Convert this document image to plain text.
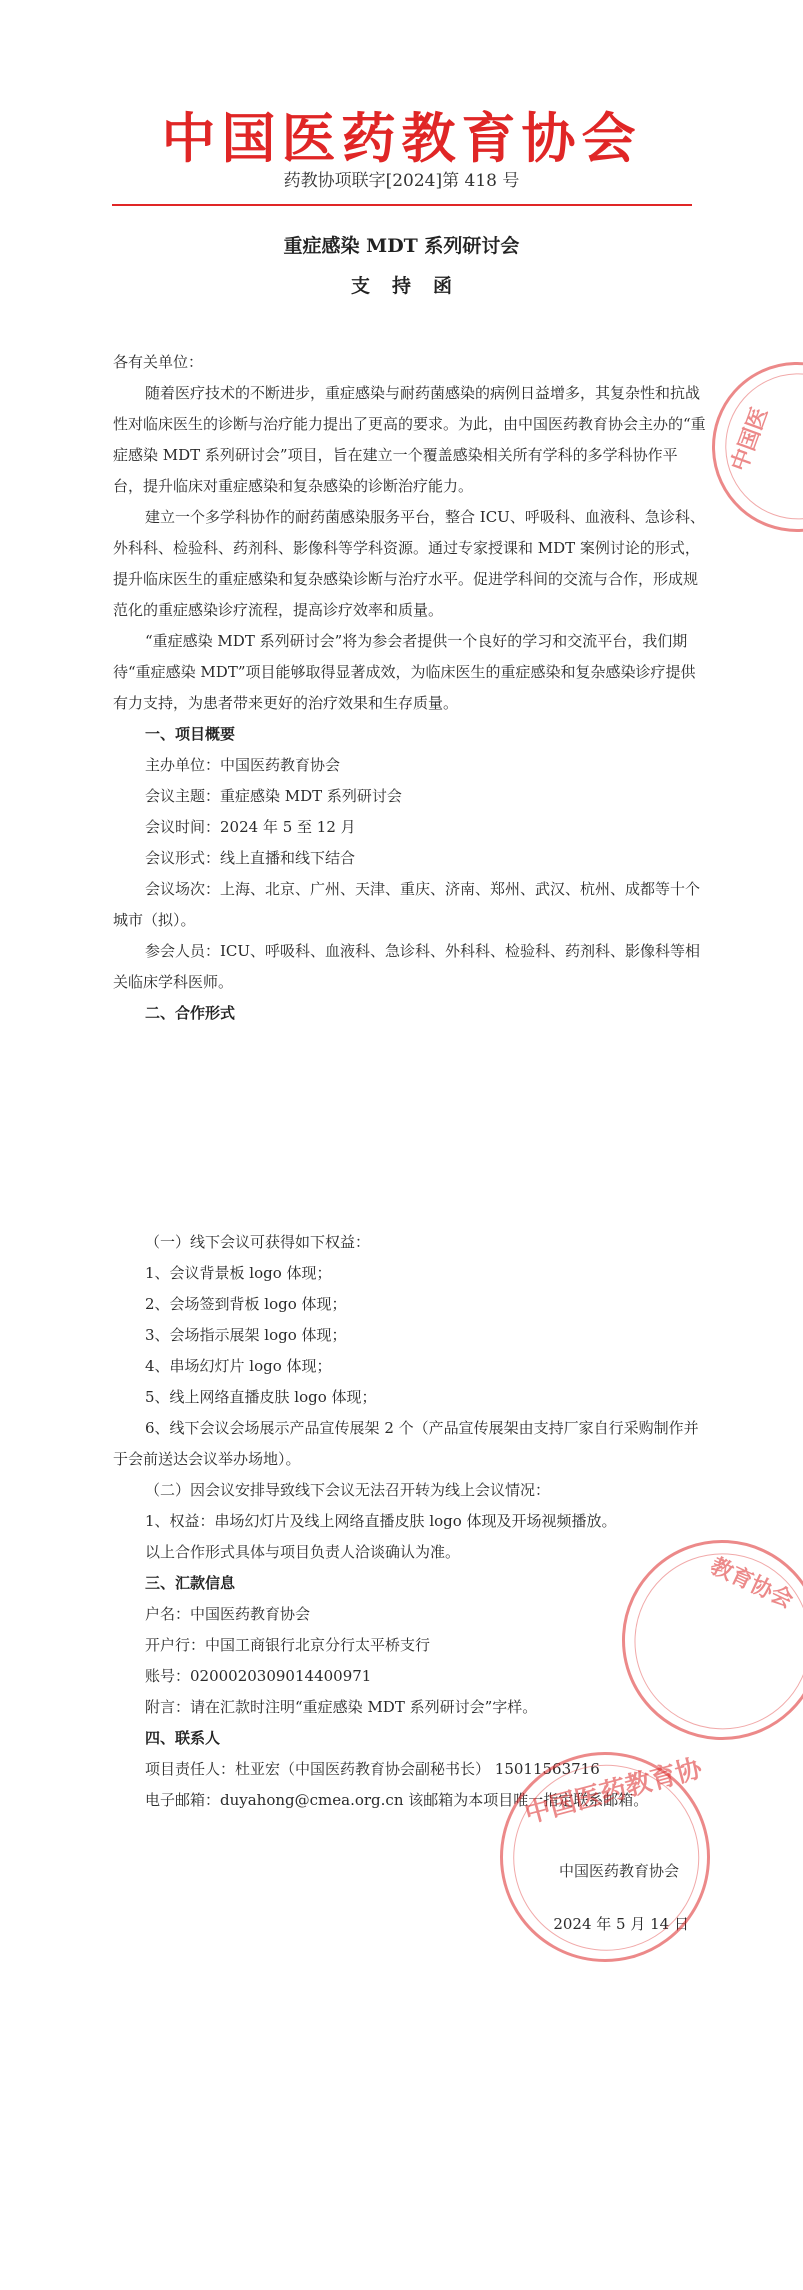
中国医药教育协会
药教协项联字[2024]第 418 号
重症感染 MDT 系列研讨会
支持函

各有关单位：

随着医疗技术的不断进步，重症感染与耐药菌感染的病例日益增多，其复杂性和抗战性对临床医生的诊断与治疗能力提出了更高的要求。为此，由中国医药教育协会主办的“重症感染 MDT 系列研讨会”项目，旨在建立一个覆盖感染相关所有学科的多学科协作平台，提升临床对重症感染和复杂感染的诊断治疗能力。

建立一个多学科协作的耐药菌感染服务平台，整合 ICU、呼吸科、血液科、急诊科、外科科、检验科、药剂科、影像科等学科资源。通过专家授课和 MDT 案例讨论的形式，提升临床医生的重症感染和复杂感染诊断与治疗水平。促进学科间的交流与合作，形成规范化的重症感染诊疗流程，提高诊疗效率和质量。

“重症感染 MDT 系列研讨会”将为参会者提供一个良好的学习和交流平台，我们期待“重症感染 MDT”项目能够取得显著成效，为临床医生的重症感染和复杂感染诊疗提供有力支持，为患者带来更好的治疗效果和生存质量。

一、项目概要

主办单位：中国医药教育协会

会议主题：重症感染 MDT 系列研讨会

会议时间：2024 年 5 至 12 月

会议形式：线上直播和线下结合

会议场次：上海、北京、广州、天津、重庆、济南、郑州、武汉、杭州、成都等十个城市（拟）。

参会人员：ICU、呼吸科、血液科、急诊科、外科科、检验科、药剂科、影像科等相关临床学科医师。

二、合作形式

（一）线下会议可获得如下权益：

1、会议背景板 logo 体现；

2、会场签到背板 logo 体现；

3、会场指示展架 logo 体现；

4、串场幻灯片 logo 体现；

5、线上网络直播皮肤 logo 体现；

6、线下会议会场展示产品宣传展架 2 个（产品宣传展架由支持厂家自行采购制作并于会前送达会议举办场地）。

（二）因会议安排导致线下会议无法召开转为线上会议情况：

1、权益：串场幻灯片及线上网络直播皮肤 logo 体现及开场视频播放。

以上合作形式具体与项目负责人洽谈确认为准。

三、汇款信息

户名：中国医药教育协会

开户行：中国工商银行北京分行太平桥支行

账号：0200020309014400971

附言：请在汇款时注明“重症感染 MDT 系列研讨会”字样。

四、联系人

项目责任人：杜亚宏（中国医药教育协会副秘书长） 15011563716

电子邮箱：duyahong@cmea.org.cn 该邮箱为本项目唯一指定联系邮箱。

中国医药教育协会

2024 年 5 月 14 日

中国医
教育协会
中国医药教育协
